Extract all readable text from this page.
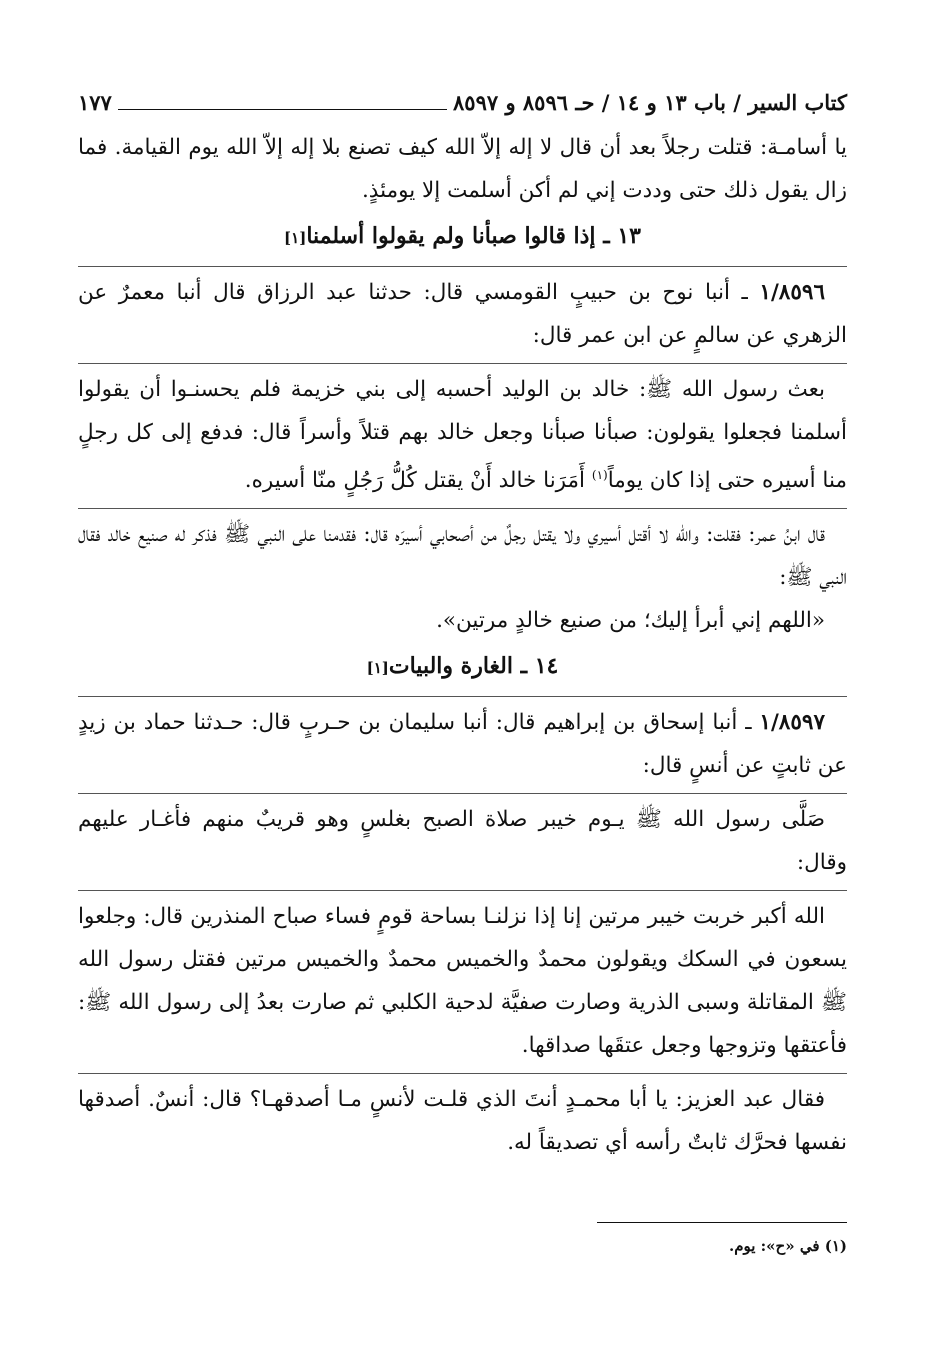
كتاب السير / باب ١٣ و ١٤ / حـ ٨٥٩٦ و ٨٥٩٧
١٧٧

يا أسامـة: قتلت رجلاً بعد أن قال لا إله إلاّ الله كيف تصنع بلا إله إلاّ الله يوم القيامة. فما زال يقول ذلك حتى وددت إني لم أكن أسلمت إلا يومئذٍ.

١٣ ـ إذا قالوا صبأنا ولم يقولوا أسلمنا[١]

١/٨٥٩٦ ـ أنبا نوح بن حبيبٍ القومسي قال: حدثنا عبد الرزاق قال أنبا معمرٌ عن الزهري عن سالمٍ عن ابن عمر قال:

بعث رسول الله ﷺ: خالد بن الوليد أحسبه إلى بني خزيمة فلم يحسنـوا أن يقولوا أسلمنا فجعلوا يقولون: صبأنا صبأنا وجعل خالد بهم قتلاً وأسراً قال: فدفع إلى كل رجلٍ منا أسيره حتى إذا كان يوماً$^{(١)}$ أَمَرَنا خالد أَنْ يقتل كُلُّ رَجُلٍ منّا أسيره.

قال ابنُ عمر: فقلت: والله لا أقتل أسيري ولا يقتل رجلٌ من أصحابي أسيرَه قال: فقدمنا على النبي ﷺ فذكر له صنيع خالد فقال النبي ﷺ:

«اللهم إني أبرأ إليك؛ من صنيع خالدٍ مرتين».

١٤ ـ الغارة والبيات[١]

١/٨٥٩٧ ـ أنبا إسحاق بن إبراهيم قال: أنبا سليمان بن حـربٍ قال: حـدثنا حماد بن زيدٍ عن ثابتٍ عن أنسٍ قال:

صَلَّى رسول الله ﷺ يـوم خيبر صلاة الصبح بغلسٍ وهو قريبٌ منهم فأغـار عليهم وقال:

الله أكبر خربت خيبر مرتين إنا إذا نزلنـا بساحة قومٍ فساء صباح المنذرين قال: وجلعوا يسعون في السكك ويقولون محمدٌ والخميس محمدٌ والخميس مرتين فقتل رسول الله ﷺ المقاتلة وسبى الذرية وصارت صفيَّة لدحية الكلبي ثم صارت بعدُ إلى رسول الله ﷺ: فأعتقها وتزوجها وجعل عتقَها صداقها.

فقال عبد العزيز: يا أبا محمـدٍ أنتَ الذي قلـت لأنسٍ مـا أصدقهـا؟ قال: أنسٌ. أصدقها نفسها فحرَّك ثابتٌ رأسه أي تصديقاً له.

(١) في «ح»: يوم.
